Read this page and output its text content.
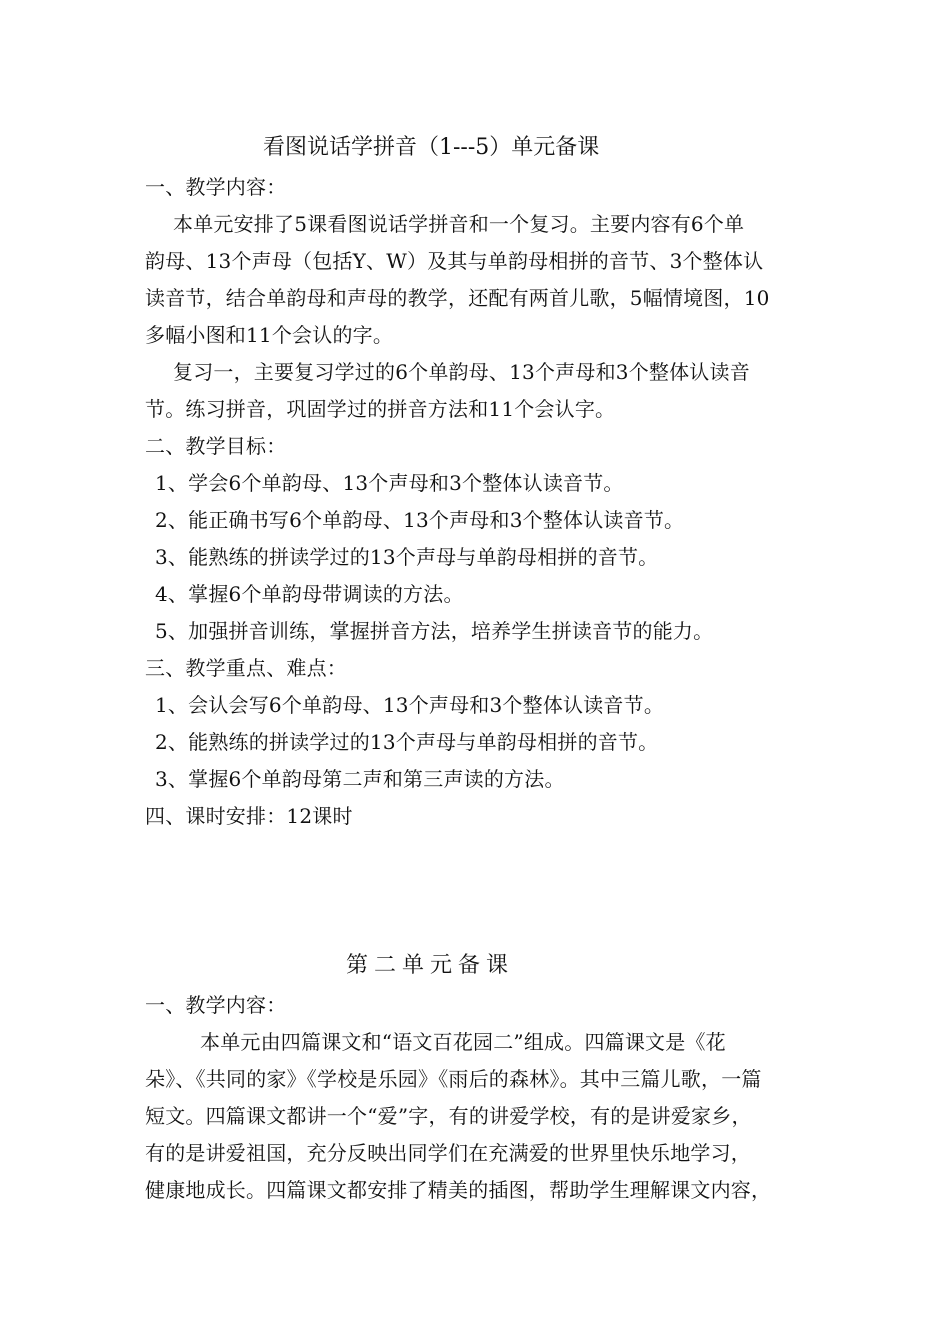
看图说话学拼音（1---5）单元备课
一、教学内容：
本单元安排了5课看图说话学拼音和一个复习。主要内容有6个单
韵母、13个声母（包括Y、W）及其与单韵母相拼的音节、3个整体认
读音节，结合单韵母和声母的教学，还配有两首儿歌，5幅情境图，10
多幅小图和11个会认的字。
复习一，主要复习学过的6个单韵母、13个声母和3个整体认读音
节。练习拼音，巩固学过的拼音方法和11个会认字。
二、教学目标：
1、学会6个单韵母、13个声母和3个整体认读音节。
2、能正确书写6个单韵母、13个声母和3个整体认读音节。
3、能熟练的拼读学过的13个声母与单韵母相拼的音节。
4、掌握6个单韵母带调读的方法。
5、加强拼音训练，掌握拼音方法，培养学生拼读音节的能力。
三、教学重点、难点：
1、会认会写6个单韵母、13个声母和3个整体认读音节。
2、能熟练的拼读学过的13个声母与单韵母相拼的音节。
3、掌握6个单韵母第二声和第三声读的方法。
四、课时安排：12课时
第二单元备课
一、教学内容：
本单元由四篇课文和“语文百花园二”组成。四篇课文是《花
朵》、《共同的家》《学校是乐园》《雨后的森林》。其中三篇儿歌，一篇
短文。四篇课文都讲一个“爱”字，有的讲爱学校，有的是讲爱家乡，
有的是讲爱祖国，充分反映出同学们在充满爱的世界里快乐地学习，
健康地成长。四篇课文都安排了精美的插图，帮助学生理解课文内容，
